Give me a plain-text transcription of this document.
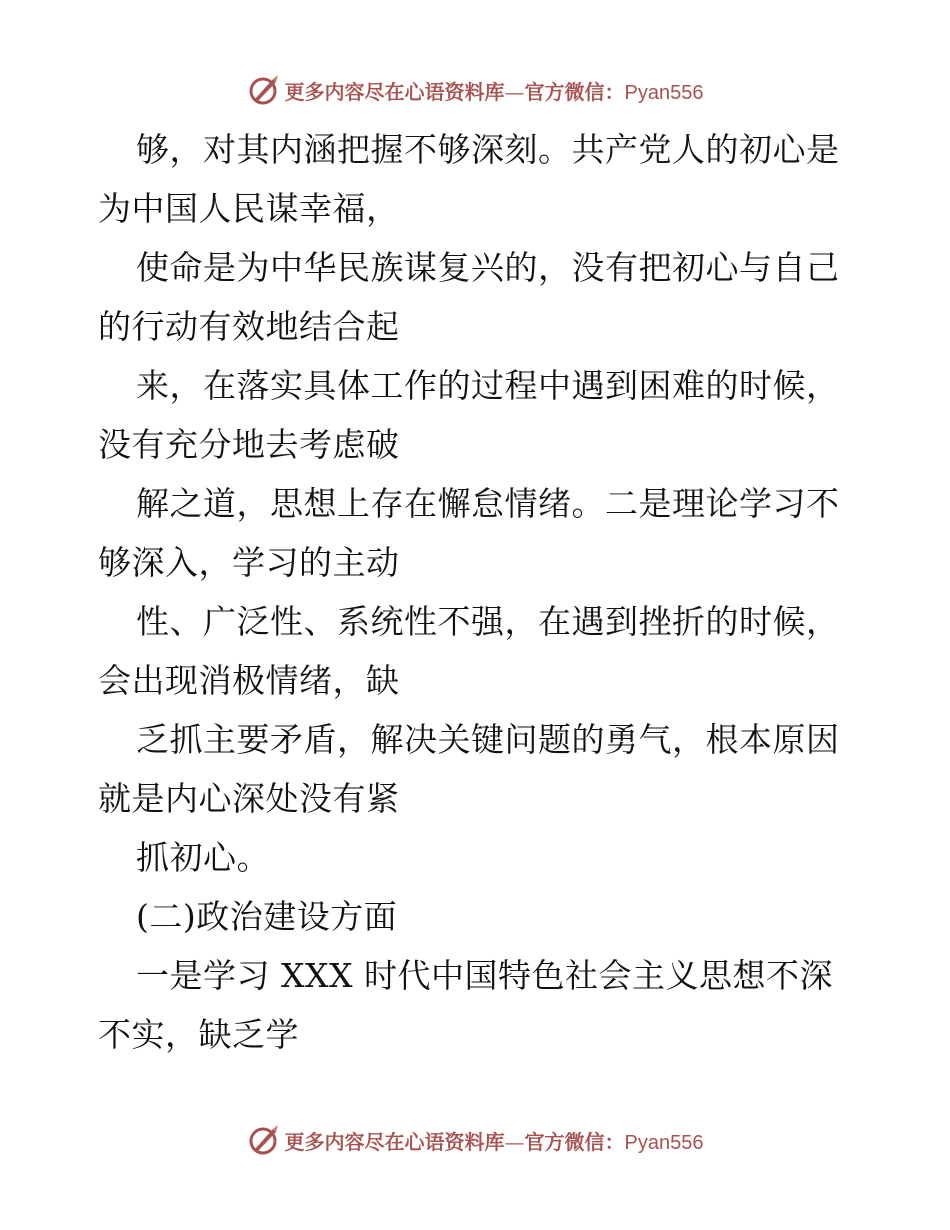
更多内容尽在心语资料库—官方微信：Pyan556
够，对其内涵把握不够深刻。共产党人的初心是
为中国人民谋幸福，
使命是为中华民族谋复兴的，没有把初心与自己
的行动有效地结合起
来，在落实具体工作的过程中遇到困难的时候，
没有充分地去考虑破
解之道，思想上存在懈怠情绪。二是理论学习不
够深入，学习的主动
性、广泛性、系统性不强，在遇到挫折的时候，
会出现消极情绪，缺
乏抓主要矛盾，解决关键问题的勇气，根本原因
就是内心深处没有紧
抓初心。
(二)政治建设方面
一是学习 XXX 时代中国特色社会主义思想不深
不实，缺乏学
更多内容尽在心语资料库—官方微信：Pyan556
